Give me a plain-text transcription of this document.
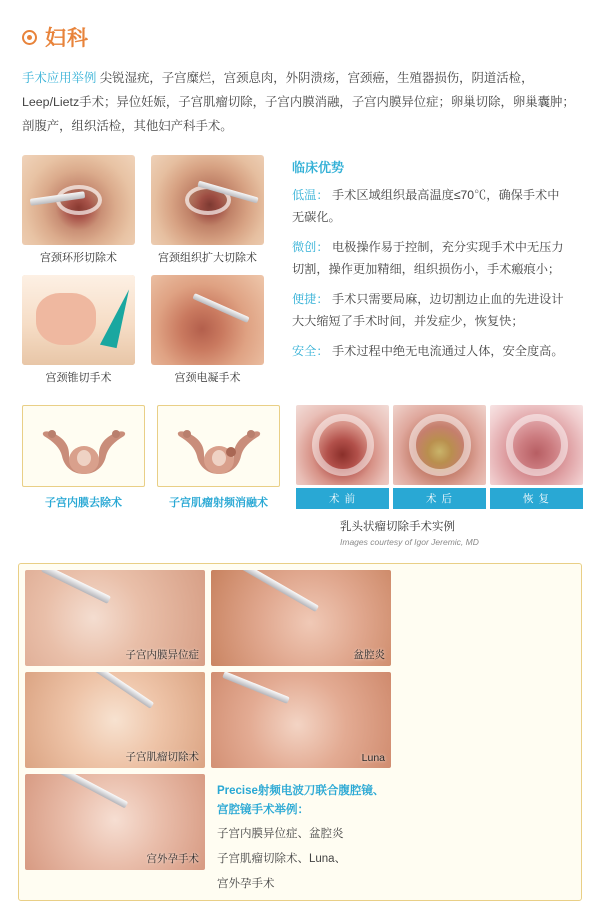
妇科
手术应用举例 尖锐湿疣，子宫糜烂，宫颈息肉，外阴溃疡，宫颈癌，生殖器损伤，阴道活检，Leep/Lietz手术；异位妊娠，子宫肌瘤切除，子宫内膜消融，子宫内膜异位症；卵巢切除，卵巢囊肿；剖腹产，组织活检，其他妇产科手术。
宫颈环形切除术	宫颈组织扩大切除术
宫颈锥切手术	宫颈电凝手术
临床优势
低温： 手术区域组织最高温度≤70℃，确保手术中无碳化。
微创： 电极操作易于控制，充分实现手术中无压力切割，操作更加精细，组织损伤小，手术瘢痕小；
便捷： 手术只需要局麻，边切割边止血的先进设计大大缩短了手术时间，并发症少，恢复快；
安全： 手术过程中绝无电流通过人体，安全度高。
子宫内膜去除术	子宫肌瘤射频消融术	术 前	术 后	恢 复
乳头状瘤切除手术实例
Images courtesy of Igor Jeremic, MD
子宫内膜异位症	盆腔炎
子宫肌瘤切除术	Luna
宫外孕手术
Precise射频电波刀联合腹腔镜、宫腔镜手术举例：
子宫内膜异位症、盆腔炎
子宫肌瘤切除术、Luna、
宫外孕手术
